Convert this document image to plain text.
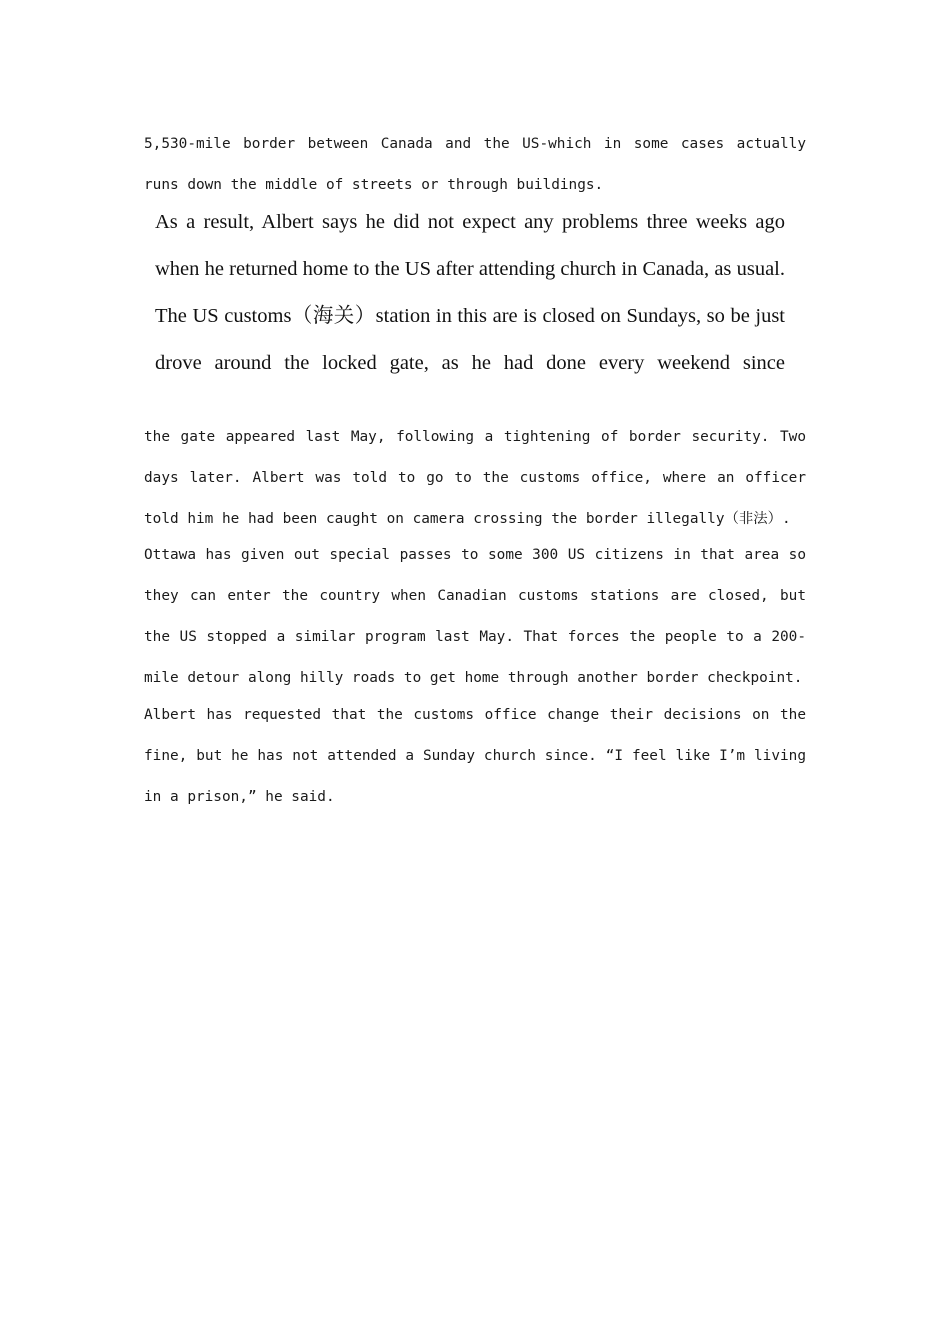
5,530-mile border between Canada and the US-which in some cases actually runs down the middle of streets or through buildings.

As a result, Albert says he did not expect any problems three weeks ago when he returned home to the US after attending church in Canada, as usual. The US customs（海关）station in this are is closed on Sundays, so be just drove around the locked gate, as he had done every weekend since

the gate appeared last May, following a tightening of border security. Two days later. Albert was told to go to the customs office, where an officer told him he had been caught on camera crossing the border illegally（非法）.

Ottawa has given out special passes to some 300 US citizens in that area so they can enter the country when Canadian customs stations are closed, but the US stopped a similar program last May. That forces the people to a 200-mile detour along hilly roads to get home through another border checkpoint.

Albert has requested that the customs office change their decisions on the fine, but he has not attended a Sunday church since. “I feel like I’m living in a prison,” he said.
